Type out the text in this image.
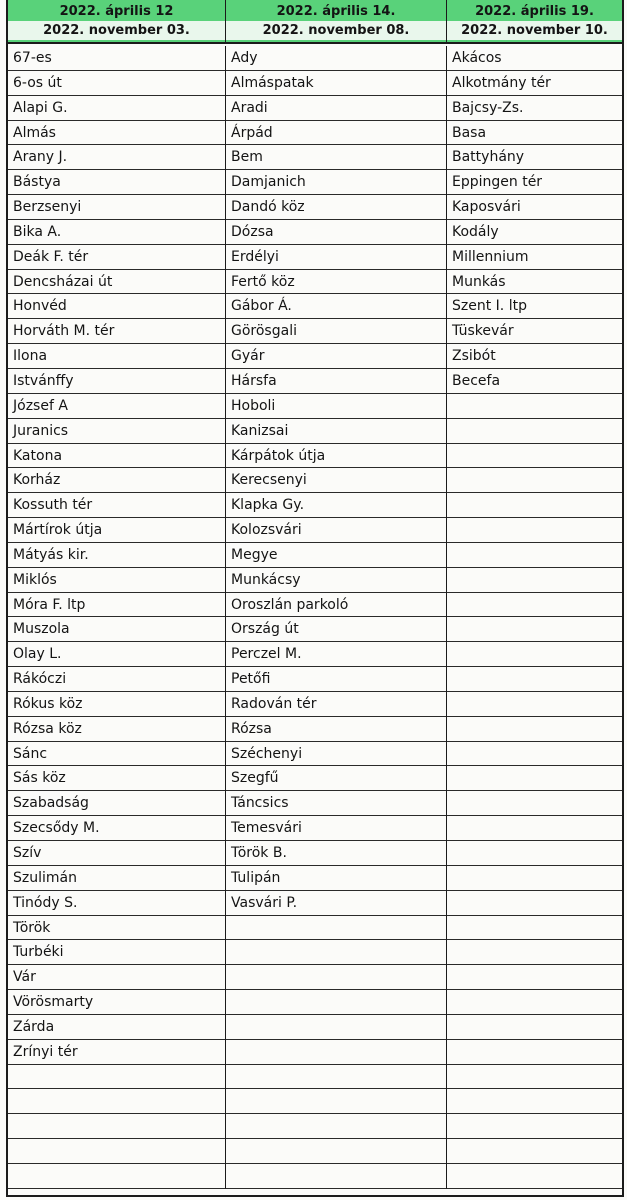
2022. április 12
2022. november 03.
2022. április 14.
2022. november 08.
2022. április 19.
2022. november 10.
67-es
6-os út
Alapi G.
Almás
Arany J.
Bástya
Berzsenyi
Bika A.
Deák F. tér
Dencsházai út
Honvéd
Horváth M. tér
Ilona
Istvánffy
József A
Juranics
Katona
Korház
Kossuth tér
Mártírok útja
Mátyás kir.
Miklós
Móra F. ltp
Muszola
Olay L.
Rákóczi
Rókus köz
Rózsa köz
Sánc
Sás köz
Szabadság
Szecsődy M.
Szív
Szulimán
Tinódy S.
Török
Turbéki
Vár
Vörösmarty
Zárda
Zrínyi tér
Ady
Almáspatak
Aradi
Árpád
Bem
Damjanich
Dandó köz
Dózsa
Erdélyi
Fertő köz
Gábor Á.
Görösgali
Gyár
Hársfa
Hoboli
Kanizsai
Kárpátok útja
Kerecsenyi
Klapka Gy.
Kolozsvári
Megye
Munkácsy
Oroszlán parkoló
Ország út
Perczel M.
Petőfi
Radován tér
Rózsa
Széchenyi
Szegfű
Táncsics
Temesvári
Török B.
Tulipán
Vasvári P.
Akácos
Alkotmány tér
Bajcsy-Zs.
Basa
Battyhány
Eppingen tér
Kaposvári
Kodály
Millennium
Munkás
Szent I. ltp
Tüskevár
Zsibót
Becefa
